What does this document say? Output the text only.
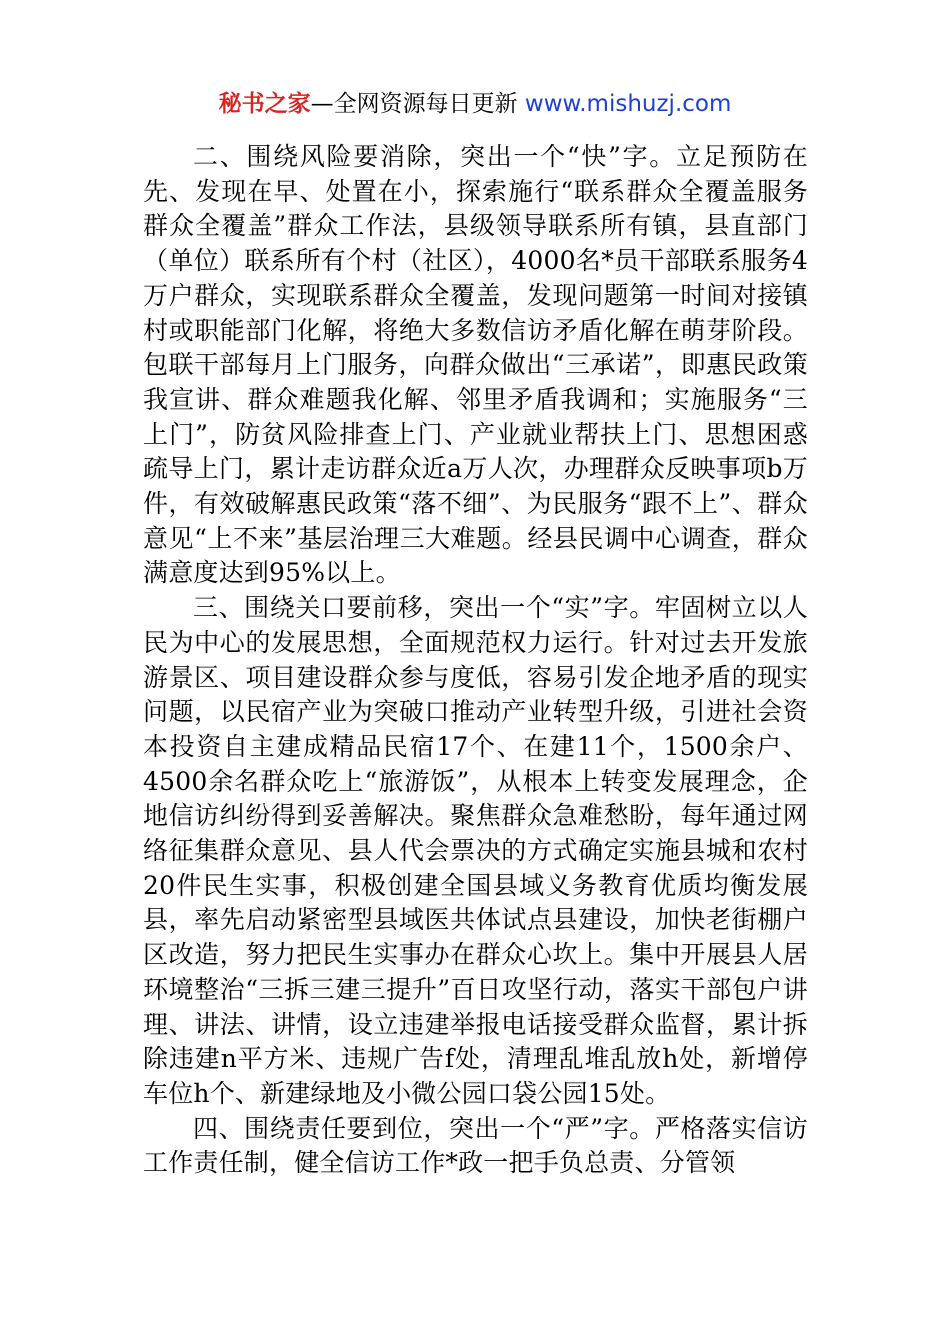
秘书之家—全网资源每日更新 www.mishuzj.com

二、围绕风险要消除，突出一个“快”字。立足预防在先、发现在早、处置在小，探索施行“联系群众全覆盖服务群众全覆盖”群众工作法，县级领导联系所有镇，县直部门（单位）联系所有个村（社区），4000名*员干部联系服务4万户群众，实现联系群众全覆盖，发现问题第一时间对接镇村或职能部门化解，将绝大多数信访矛盾化解在萌芽阶段。包联干部每月上门服务，向群众做出“三承诺”，即惠民政策我宣讲、群众难题我化解、邻里矛盾我调和；实施服务“三上门”，防贫风险排查上门、产业就业帮扶上门、思想困惑疏导上门，累计走访群众近a万人次，办理群众反映事项b万件，有效破解惠民政策“落不细”、为民服务“跟不上”、群众意见“上不来”基层治理三大难题。经县民调中心调查，群众满意度达到95%以上。

三、围绕关口要前移，突出一个“实”字。牢固树立以人民为中心的发展思想，全面规范权力运行。针对过去开发旅游景区、项目建设群众参与度低，容易引发企地矛盾的现实问题，以民宿产业为突破口推动产业转型升级，引进社会资本投资自主建成精品民宿17个、在建11个，1500余户、4500余名群众吃上“旅游饭”，从根本上转变发展理念，企地信访纠纷得到妥善解决。聚焦群众急难愁盼，每年通过网络征集群众意见、县人代会票决的方式确定实施县城和农村20件民生实事，积极创建全国县域义务教育优质均衡发展县，率先启动紧密型县域医共体试点县建设，加快老街棚户区改造，努力把民生实事办在群众心坎上。集中开展县人居环境整治“三拆三建三提升”百日攻坚行动，落实干部包户讲理、讲法、讲情，设立违建举报电话接受群众监督，累计拆除违建n平方米、违规广告f处，清理乱堆乱放h处，新增停车位h个、新建绿地及小微公园口袋公园15处。

四、围绕责任要到位，突出一个“严”字。严格落实信访工作责任制，健全信访工作*政一把手负总责、分管领
